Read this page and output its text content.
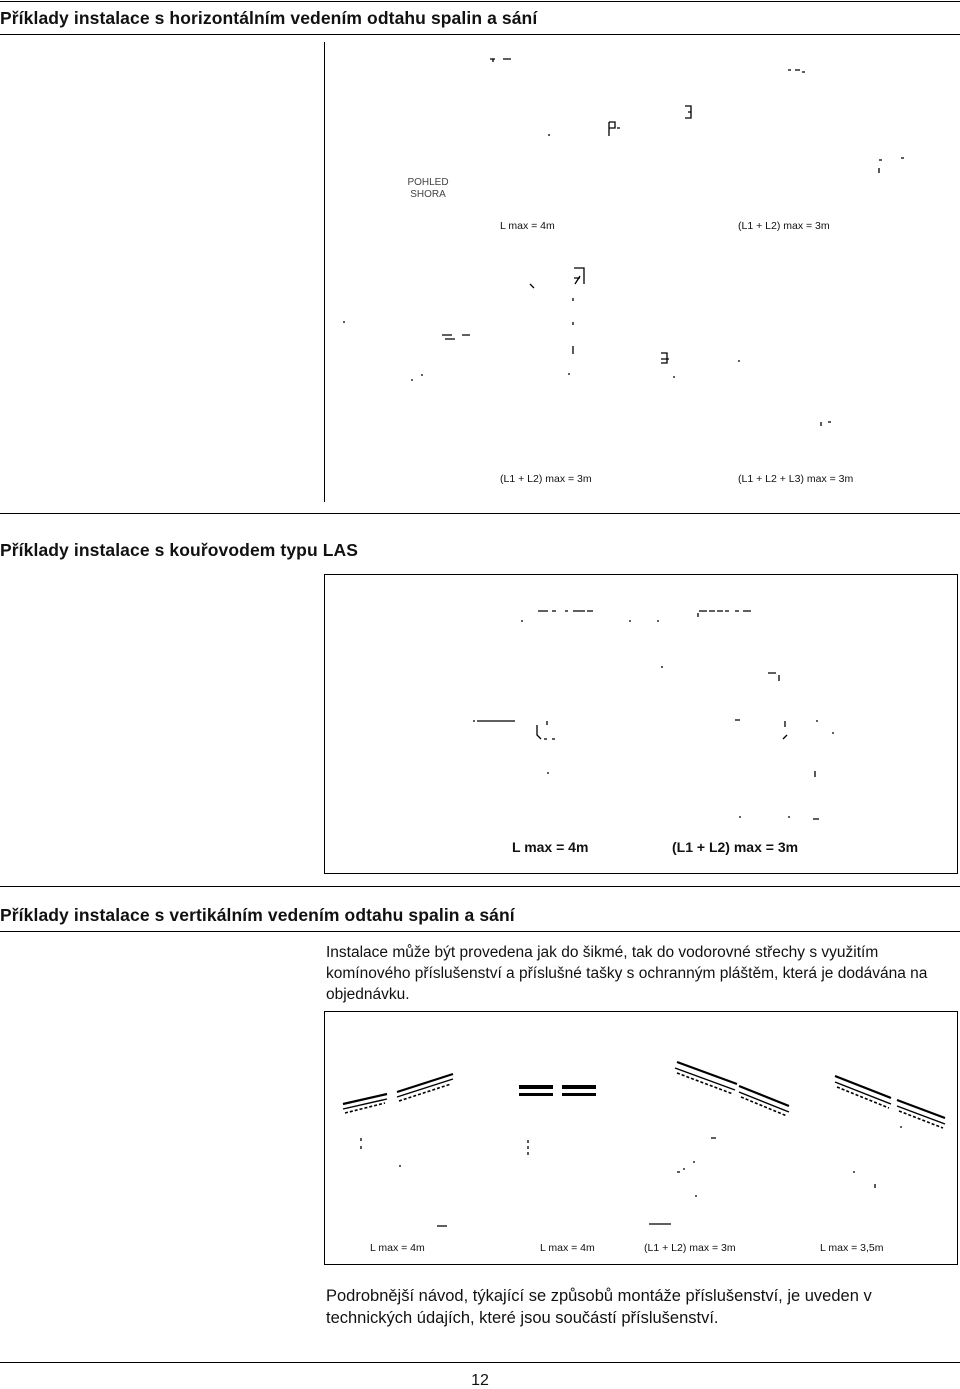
Příklady instalace s horizontálním vedením odtahu spalin a sání
POHLED
SHORA
L max = 4m	(L1 + L2) max = 3m
(L1 + L2) max = 3m	(L1 + L2 + L3) max = 3m
Příklady instalace s kouřovodem typu LAS
L max = 4m	(L1 + L2) max = 3m
Příklady instalace s vertikálním vedením odtahu spalin a sání
Instalace může být provedena jak do šikmé, tak do vodorovné střechy s využitím komínového příslušenství a příslušné tašky s ochranným pláštěm, která je dodávána na objednávku.
L max = 4m	L max = 4m	(L1 + L2) max = 3m	L max = 3,5m
Podrobnější návod, týkající se způsobů montáže příslušenství, je uveden v technických údajích, které jsou součástí příslušenství.
12
